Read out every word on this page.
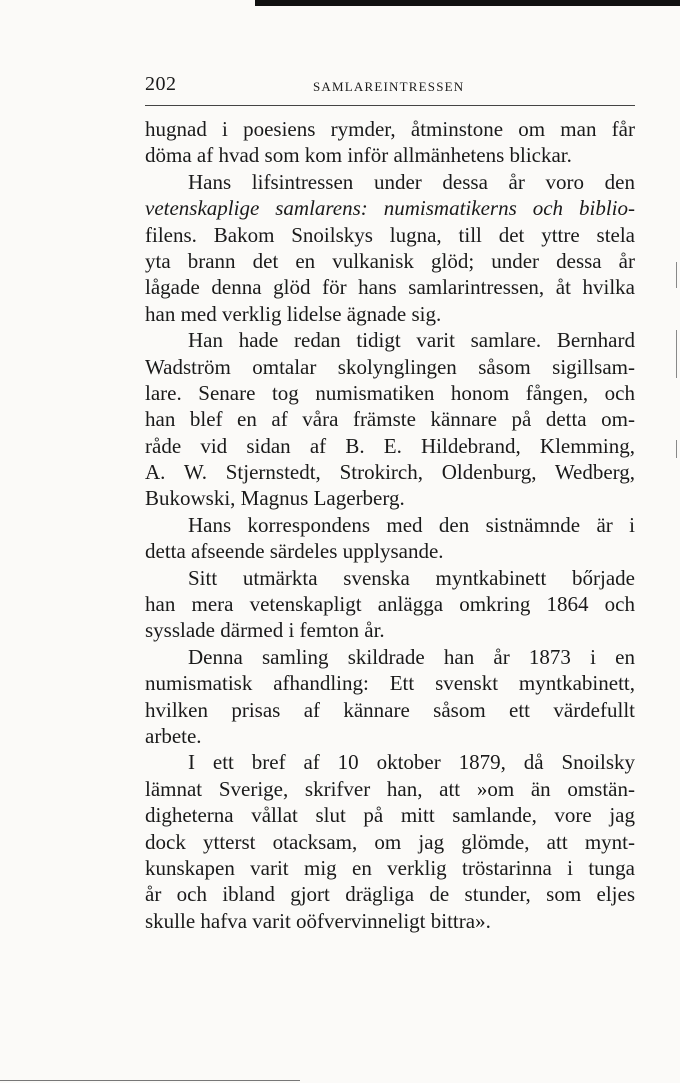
202	SAMLAREINTRESSEN
hugnad i poesiens rymder, åtminstone om man får
döma af hvad som kom inför allmänhetens blickar.
Hans lifsintressen under dessa år voro den
vetenskaplige samlarens: numismatikerns och biblio-
filens. Bakom Snoilskys lugna, till det yttre stela
yta brann det en vulkanisk glöd; under dessa år
lågade denna glöd för hans samlarintressen, åt hvilka
han med verklig lidelse ägnade sig.
Han hade redan tidigt varit samlare. Bernhard
Wadström omtalar skolynglingen såsom sigillsam-
lare. Senare tog numismatiken honom fången, och
han blef en af våra främste kännare på detta om-
råde vid sidan af B. E. Hildebrand, Klemming,
A. W. Stjernstedt, Strokirch, Oldenburg, Wedberg,
Bukowski, Magnus Lagerberg.
Hans korrespondens med den sistnämnde är i
detta afseende särdeles upplysande.
Sitt utmärkta svenska myntkabinett bőrjade
han mera vetenskapligt anlägga omkring 1864 och
sysslade därmed i femton år.
Denna samling skildrade han år 1873 i en
numismatisk afhandling: Ett svenskt myntkabinett,
hvilken prisas af kännare såsom ett värdefullt
arbete.
I ett bref af 10 oktober 1879, då Snoilsky
lämnat Sverige, skrifver han, att »om än omstän-
digheterna vållat slut på mitt samlande, vore jag
dock ytterst otacksam, om jag glömde, att mynt-
kunskapen varit mig en verklig tröstarinna i tunga
år och ibland gjort drägliga de stunder, som eljes
skulle hafva varit oöfvervinneligt bittra».
